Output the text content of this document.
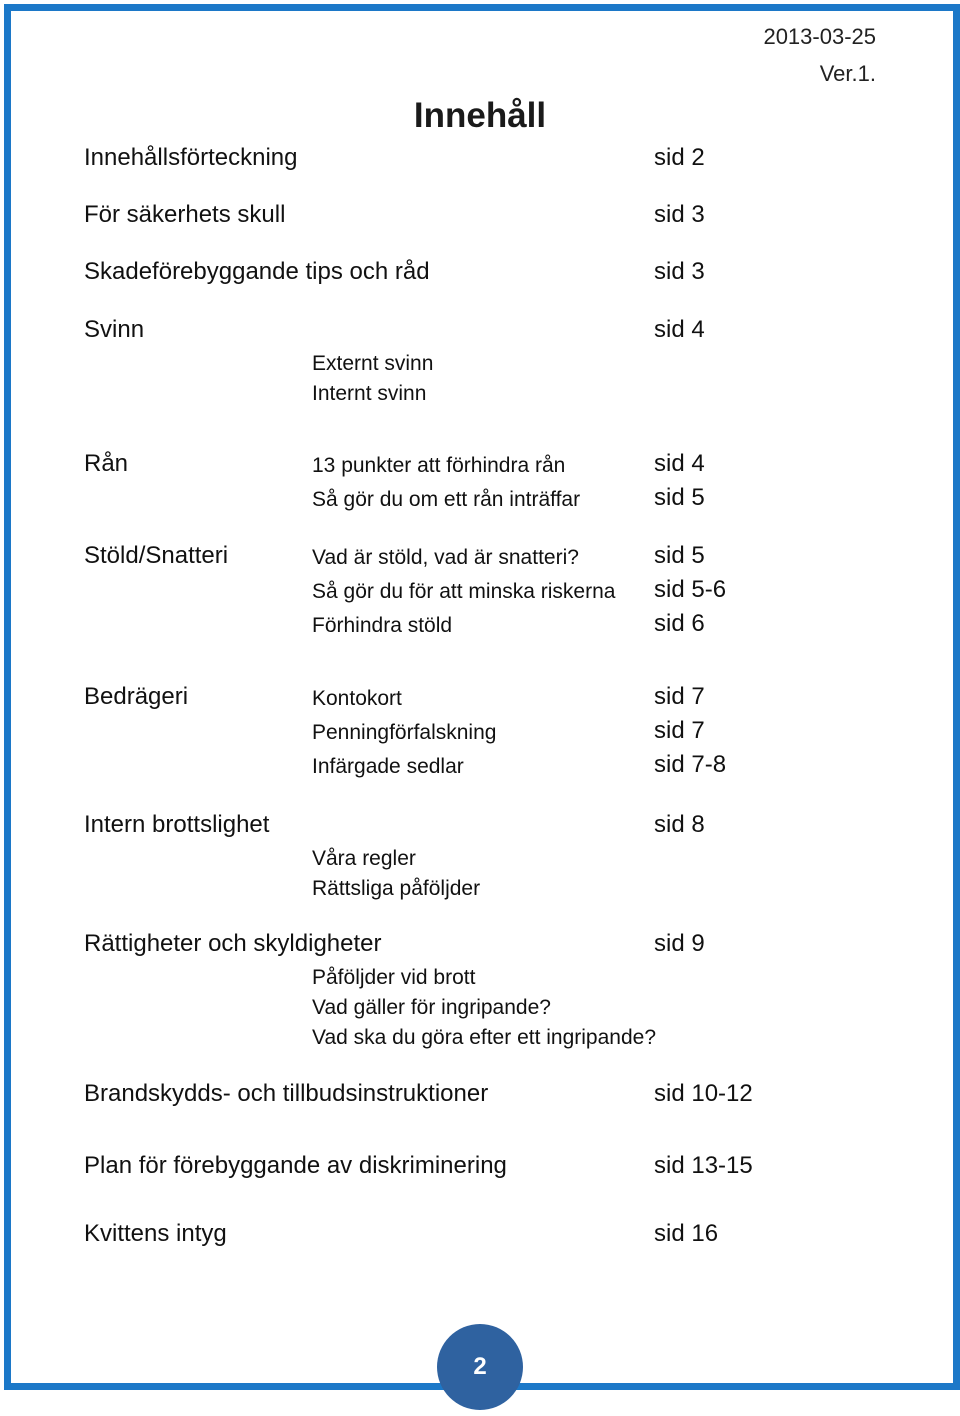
2013-03-25
Ver.1.
Innehåll
Innehållsförteckning	sid 2
För säkerhets skull	sid 3
Skadeförebyggande tips och råd	sid 3
Svinn	sid 4
Externt svinn
Internt svinn
Rån	13 punkter att förhindra rån	sid 4
Så gör du om ett rån inträffar	sid 5
Stöld/Snatteri	Vad är stöld, vad är snatteri?	sid 5
Så gör du för att minska riskerna sid 5-6
Förhindra stöld	sid 6
Bedrägeri	Kontokort	sid 7
Penningförfalskning	sid 7
Infärgade sedlar	sid 7-8
Intern brottslighet	sid 8
Våra regler
Rättsliga påföljder
Rättigheter och skyldigheter	sid 9
Påföljder vid brott
Vad gäller för ingripande?
Vad ska du göra efter ett ingripande?
Brandskydds- och tillbudsinstruktioner	sid 10-12
Plan för förebyggande av diskriminering	sid 13-15
Kvittens intyg	sid 16
2
